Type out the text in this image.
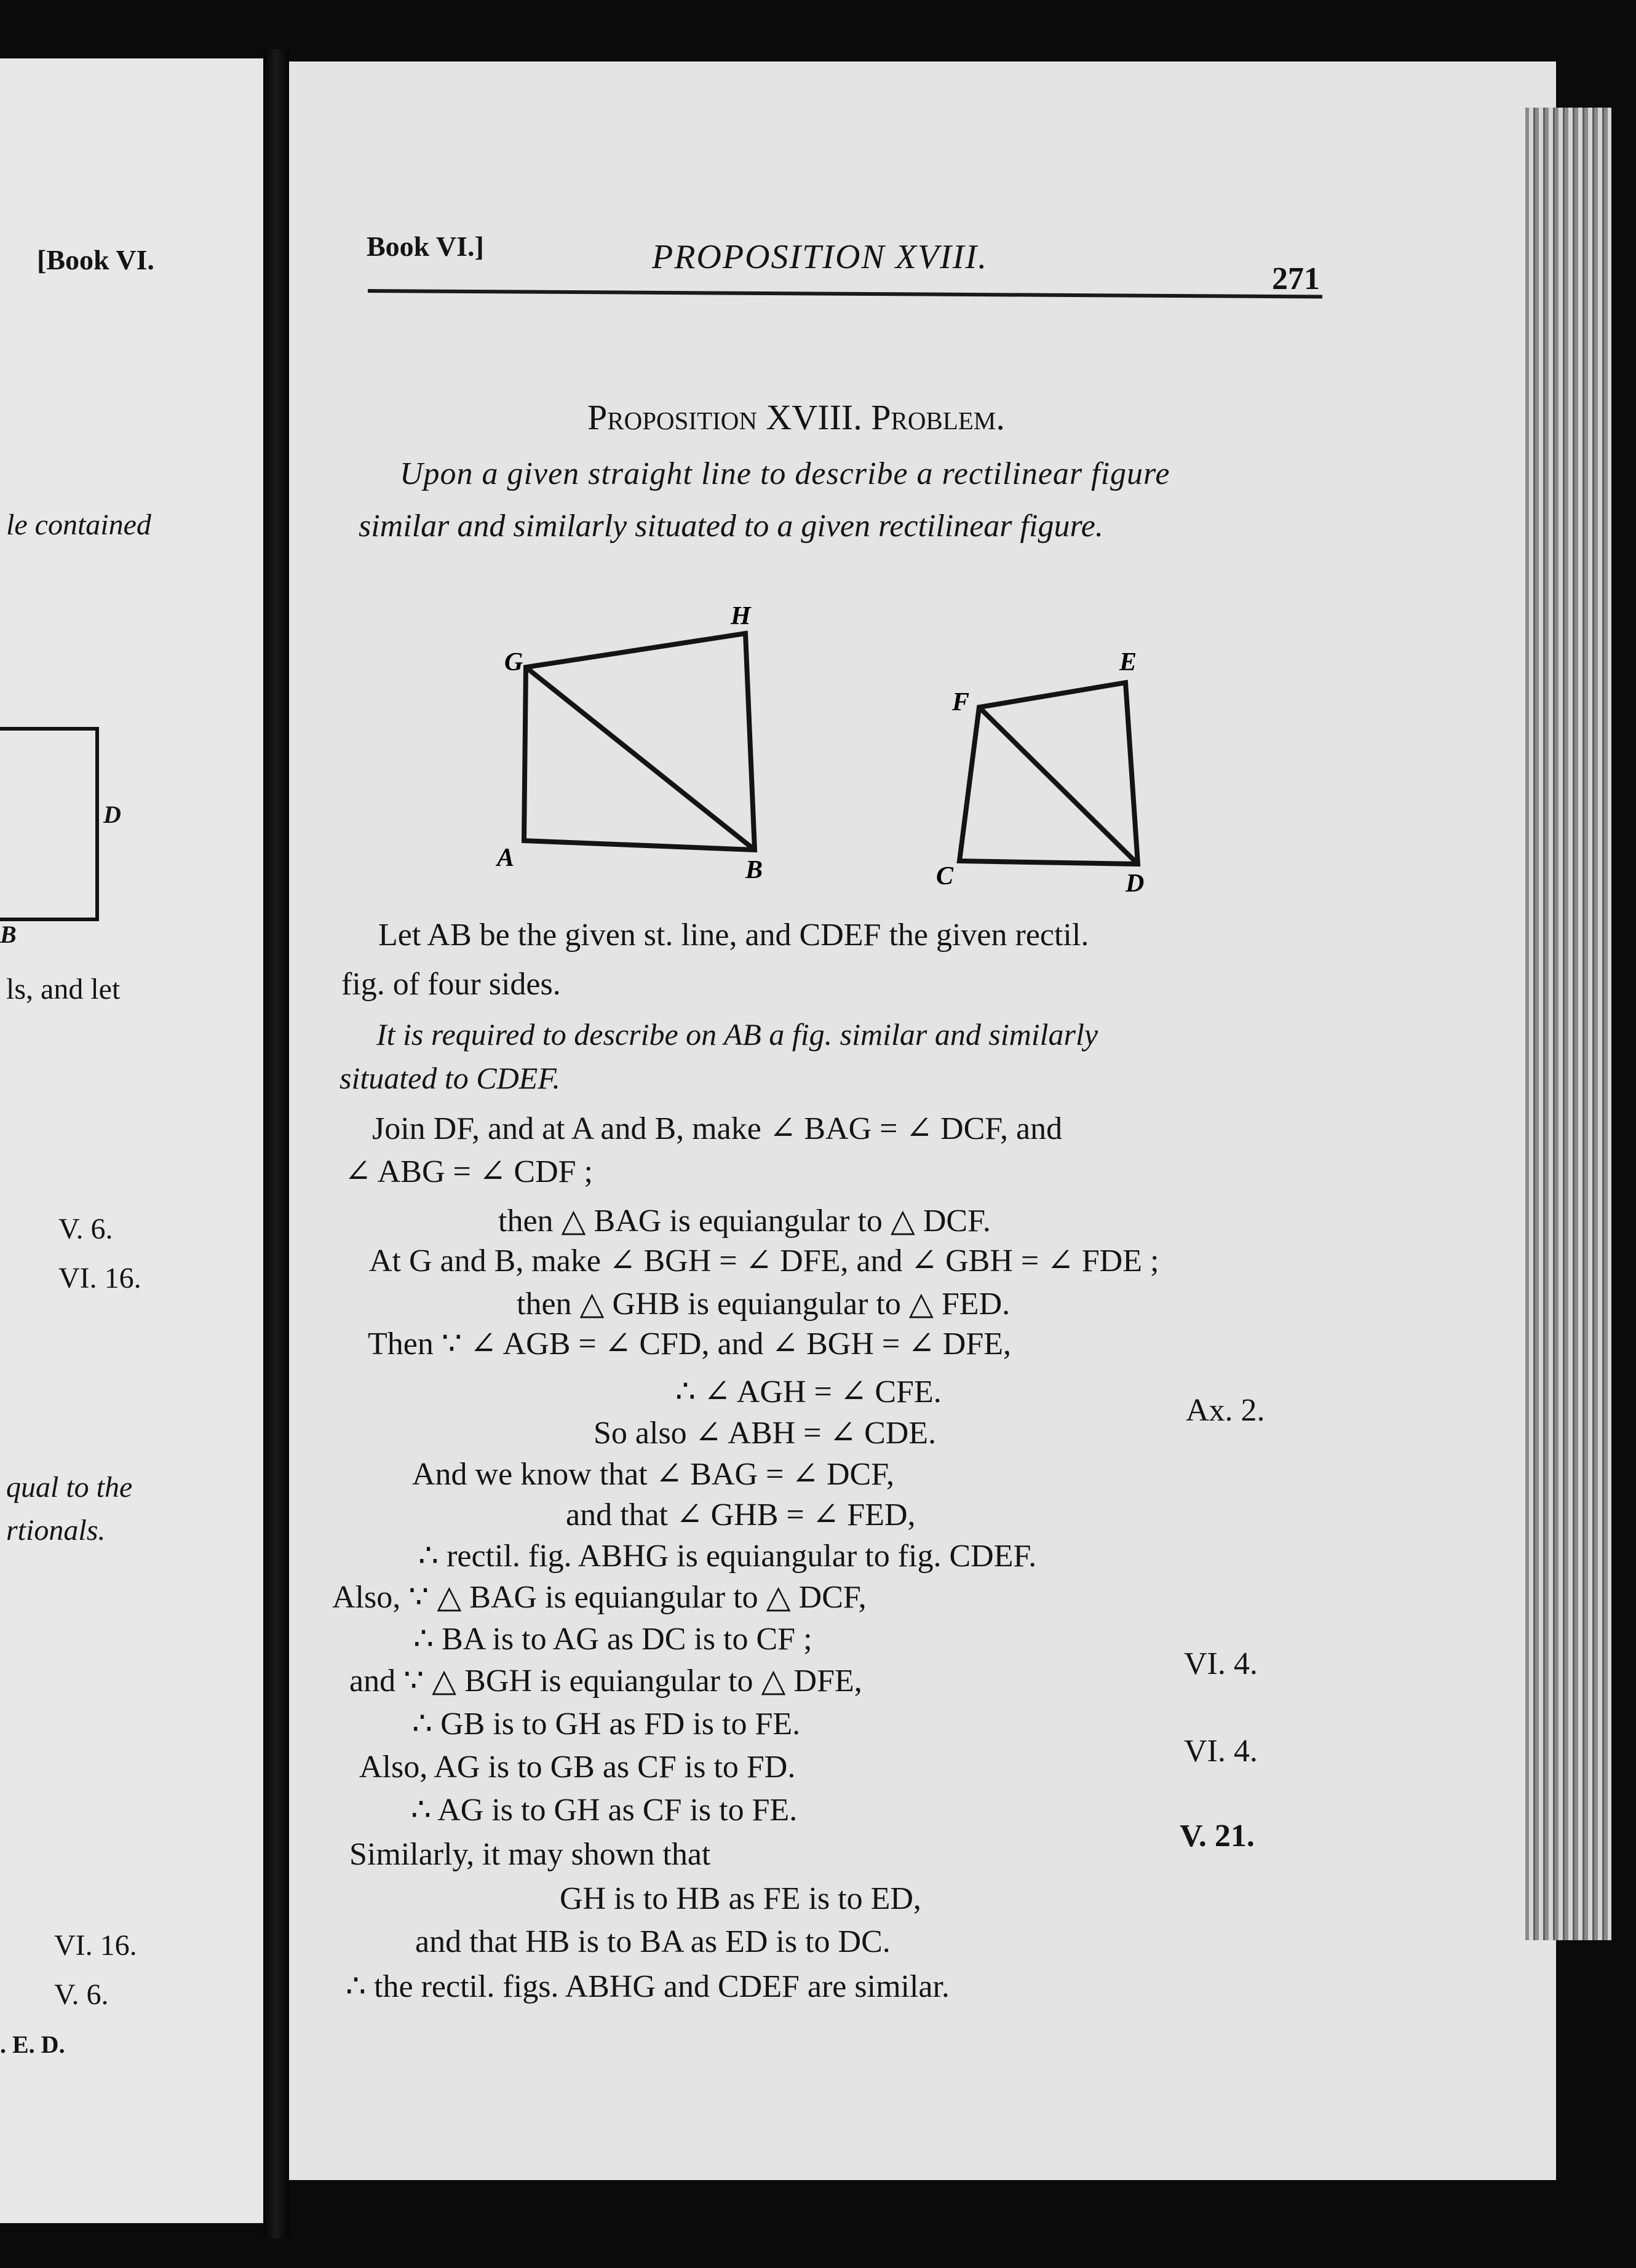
[Book VI.
le contained
D
B
ls, and let
V. 6.
VI. 16.
qual to the
rtionals.
VI. 16.
V. 6.
. E. D.
Book VI.]	PROPOSITION XVIII.
271
Proposition XVIII. Problem.
Upon a given straight line to describe a rectilinear figure
similar and similarly situated to a given rectilinear figure.
G
H
A	B
F
E
C	D
Let AB be the given st. line, and CDEF the given rectil.
fig. of four sides.
It is required to describe on AB a fig. similar and similarly
situated to CDEF.
Join DF, and at A and B, make ∠ BAG = ∠ DCF, and
∠ ABG = ∠ CDF ;
then △ BAG is equiangular to △ DCF.
At G and B, make ∠ BGH = ∠ DFE, and ∠ GBH = ∠ FDE ;
then △ GHB is equiangular to △ FED.
Then ∵ ∠ AGB = ∠ CFD, and ∠ BGH = ∠ DFE,
∴ ∠ AGH = ∠ CFE.
So also ∠ ABH = ∠ CDE.
And we know that ∠ BAG = ∠ DCF,
and that ∠ GHB = ∠ FED,
∴ rectil. fig. ABHG is equiangular to fig. CDEF.
Also, ∵ △ BAG is equiangular to △ DCF,
∴ BA is to AG as DC is to CF ;
and ∵ △ BGH is equiangular to △ DFE,
∴ GB is to GH as FD is to FE.
Also, AG is to GB as CF is to FD.
∴ AG is to GH as CF is to FE.
Similarly, it may shown that
GH is to HB as FE is to ED,
and that HB is to BA as ED is to DC.
∴ the rectil. figs. ABHG and CDEF are similar.
Ax. 2.
VI. 4.
VI. 4.
V. 21.
